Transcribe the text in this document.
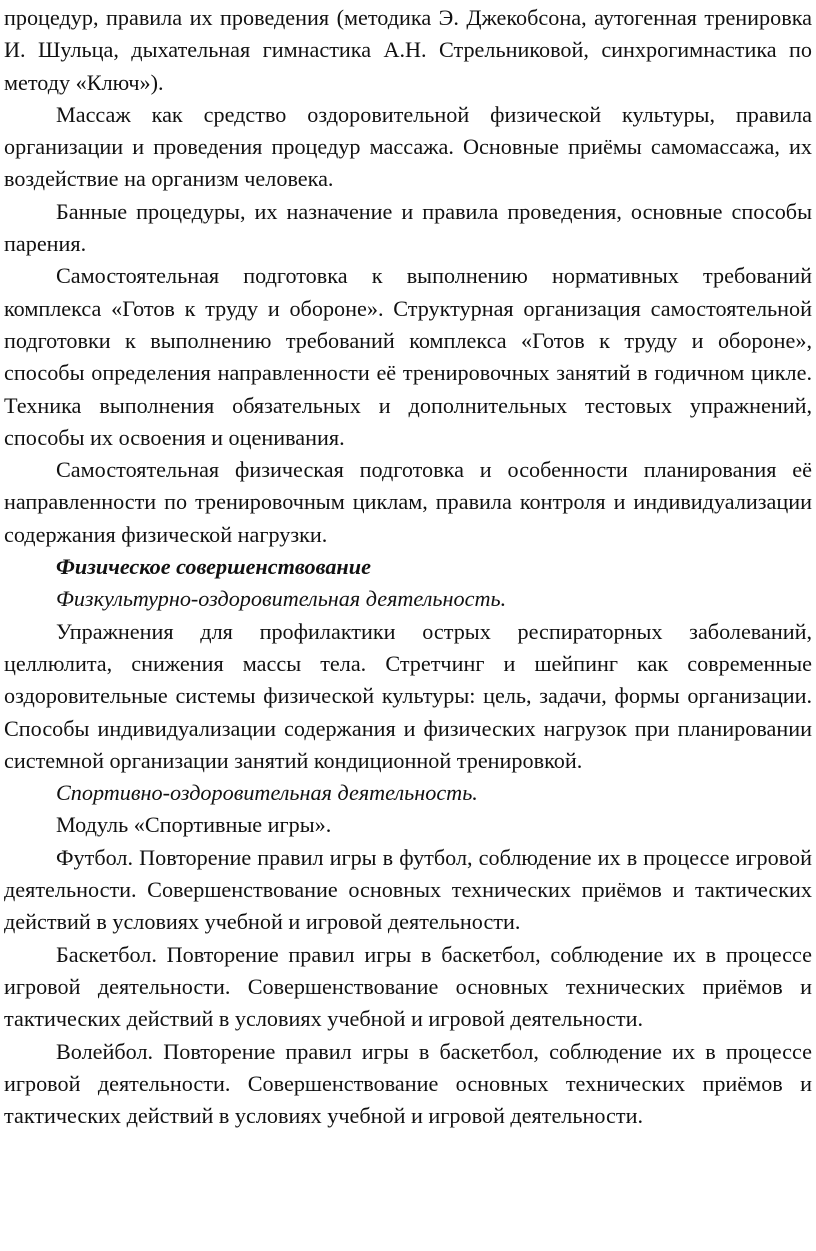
процедур, правила их проведения (методика Э. Джекобсона, аутогенная тренировка И. Шульца, дыхательная гимнастика А.Н. Стрельниковой, синхрогимнастика по методу «Ключ»).

Массаж как средство оздоровительной физической культуры, правила организации и проведения процедур массажа. Основные приёмы самомассажа, их воздействие на организм человека.

Банные процедуры, их назначение и правила проведения, основные способы парения.

Самостоятельная подготовка к выполнению нормативных требований комплекса «Готов к труду и обороне». Структурная организация самостоятельной подготовки к выполнению требований комплекса «Готов к труду и обороне», способы определения направленности её тренировочных занятий в годичном цикле. Техника выполнения обязательных и дополнительных тестовых упражнений, способы их освоения и оценивания.

Самостоятельная физическая подготовка и особенности планирования её направленности по тренировочным циклам, правила контроля и индивидуализации содержания физической нагрузки.

Физическое совершенствование

Физкультурно-оздоровительная деятельность.

Упражнения для профилактики острых респираторных заболеваний, целлюлита, снижения массы тела. Стретчинг и шейпинг как современные оздоровительные системы физической культуры: цель, задачи, формы организации. Способы индивидуализации содержания и физических нагрузок при планировании системной организации занятий кондиционной тренировкой.

Спортивно-оздоровительная деятельность.

Модуль «Спортивные игры».

Футбол. Повторение правил игры в футбол, соблюдение их в процессе игровой деятельности. Совершенствование основных технических приёмов и тактических действий в условиях учебной и игровой деятельности.

Баскетбол. Повторение правил игры в баскетбол, соблюдение их в процессе игровой деятельности. Совершенствование основных технических приёмов и тактических действий в условиях учебной и игровой деятельности.

Волейбол. Повторение правил игры в баскетбол, соблюдение их в процессе игровой деятельности. Совершенствование основных технических приёмов и тактических действий в условиях учебной и игровой деятельности.
